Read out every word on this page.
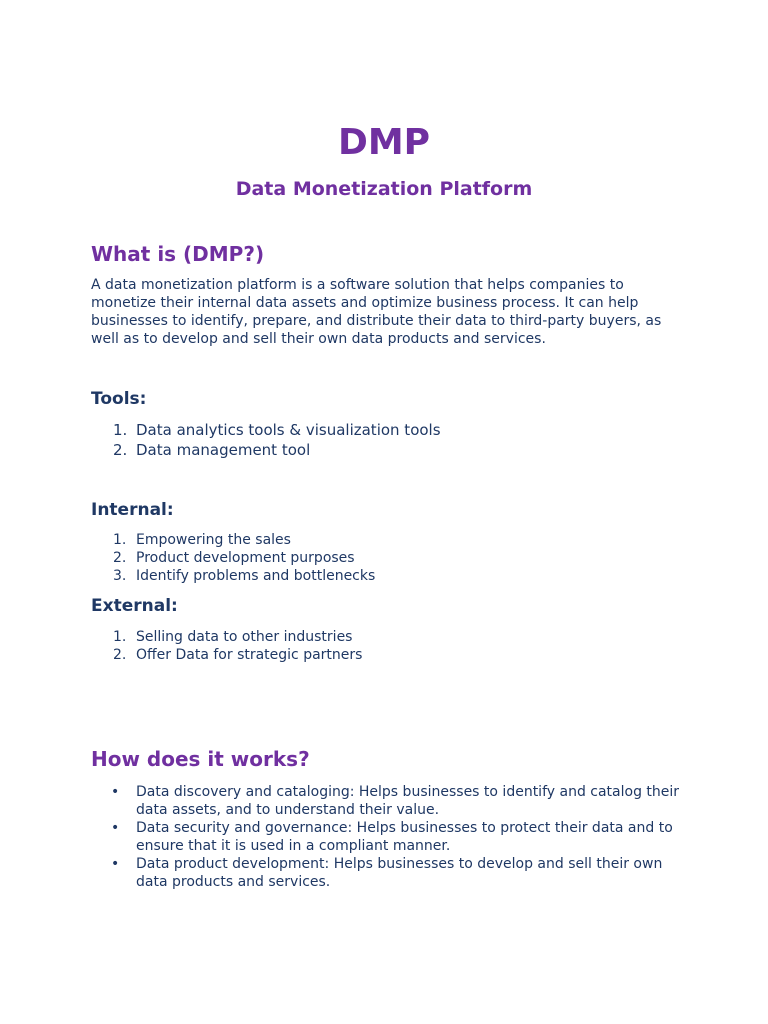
DMP
Data Monetization Platform
What is (DMP?)

A data monetization platform is a software solution that helps companies to monetize their internal data assets and optimize business process. It can help businesses to identify, prepare, and distribute their data to third-party buyers, as well as to develop and sell their own data products and services.

Tools:
1. Data analytics tools & visualization tools
2. Data management tool
Internal:
1. Empowering the sales
2. Product development purposes
3. Identify problems and bottlenecks
External:
1. Selling data to other industries
2. Offer Data for strategic partners
How does it works?
• Data discovery and cataloging: Helps businesses to identify and catalog their data assets, and to understand their value.
• Data security and governance: Helps businesses to protect their data and to ensure that it is used in a compliant manner.
• Data product development: Helps businesses to develop and sell their own data products and services.
